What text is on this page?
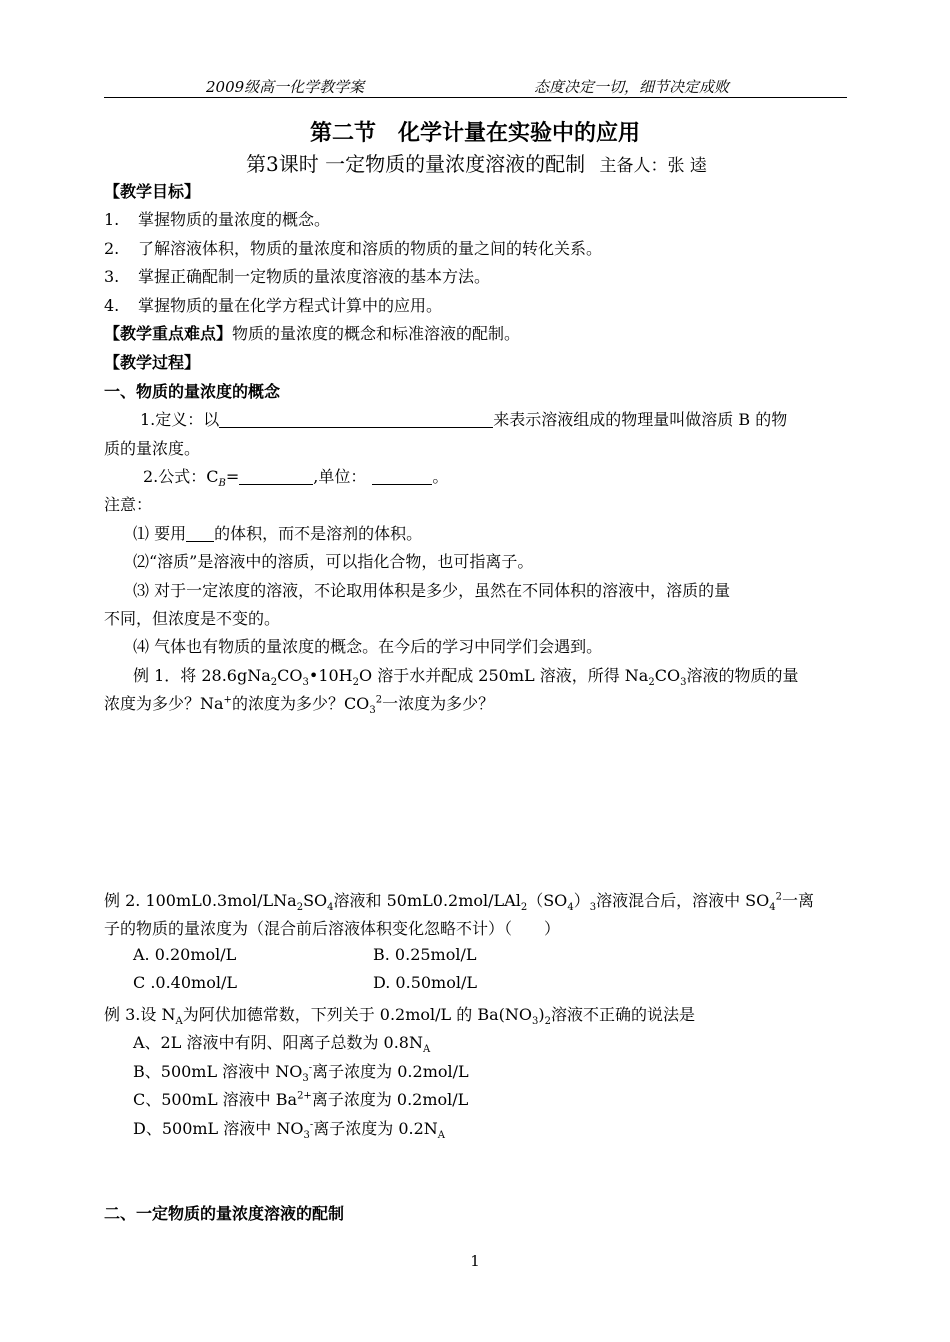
2009级高一化学教学案	态度决定一切，细节决定成败
第二节　化学计量在实验中的应用
第3课时 一定物质的量浓度溶液的配制 主备人：张 逵
【教学目标】
1. 掌握物质的量浓度的概念。
2. 了解溶液体积，物质的量浓度和溶质的物质的量之间的转化关系。
3. 掌握正确配制一定物质的量浓度溶液的基本方法。
4. 掌握物质的量在化学方程式计算中的应用。
【教学重点难点】物质的量浓度的概念和标准溶液的配制。
【教学过程】
一、物质的量浓度的概念
1.定义：以	来表示溶液组成的物理量叫做溶质 B 的物
质的量浓度。
2.公式：$C_B=$	,单位：	。
注意：
⑴ 要用 的体积，而不是溶剂的体积。
⑵“溶质”是溶液中的溶质，可以指化合物，也可指离子。
⑶ 对于一定浓度的溶液，不论取用体积是多少，虽然在不同体积的溶液中，溶质的量
不同，但浓度是不变的。
⑷ 气体也有物质的量浓度的概念。在今后的学习中同学们会遇到。
例 1．将 $28.6gNa_2CO_3•10H_2O$ 溶于水并配成 250mL 溶液，所得 $Na_2CO_3$溶液的物质的量
浓度为多少？Na+的浓度为多少？$CO_3^2$一浓度为多少？
例 2. $100mL0.3mol/LNa_2SO_4$溶液和 $50mL0.2mol/LAl_2(SO_4)_3$溶液混合后，溶液中 $SO_4^2$一离
子的物质的量浓度为（混合前后溶液体积变化忽略不计）（　　）
A. 0.20mol/L	B. 0.25mol/L
C .0.40mol/L	D. 0.50mol/L
例 3.设 $N_A$为阿伏加德常数，下列关于 0.2mol/L 的 $Ba(NO_3)_2$溶液不正确的说法是
A、2L 溶液中有阴、阳离子总数为 $0.8N_A$
B、500mL 溶液中 $NO_3^-$离子浓度为 0.2mol/L
C、500mL 溶液中 $Ba^{2+}$离子浓度为 0.2mol/L
D、500mL 溶液中 $NO_3^-$离子浓度为 $0.2N_A$
二、一定物质的量浓度溶液的配制
1
